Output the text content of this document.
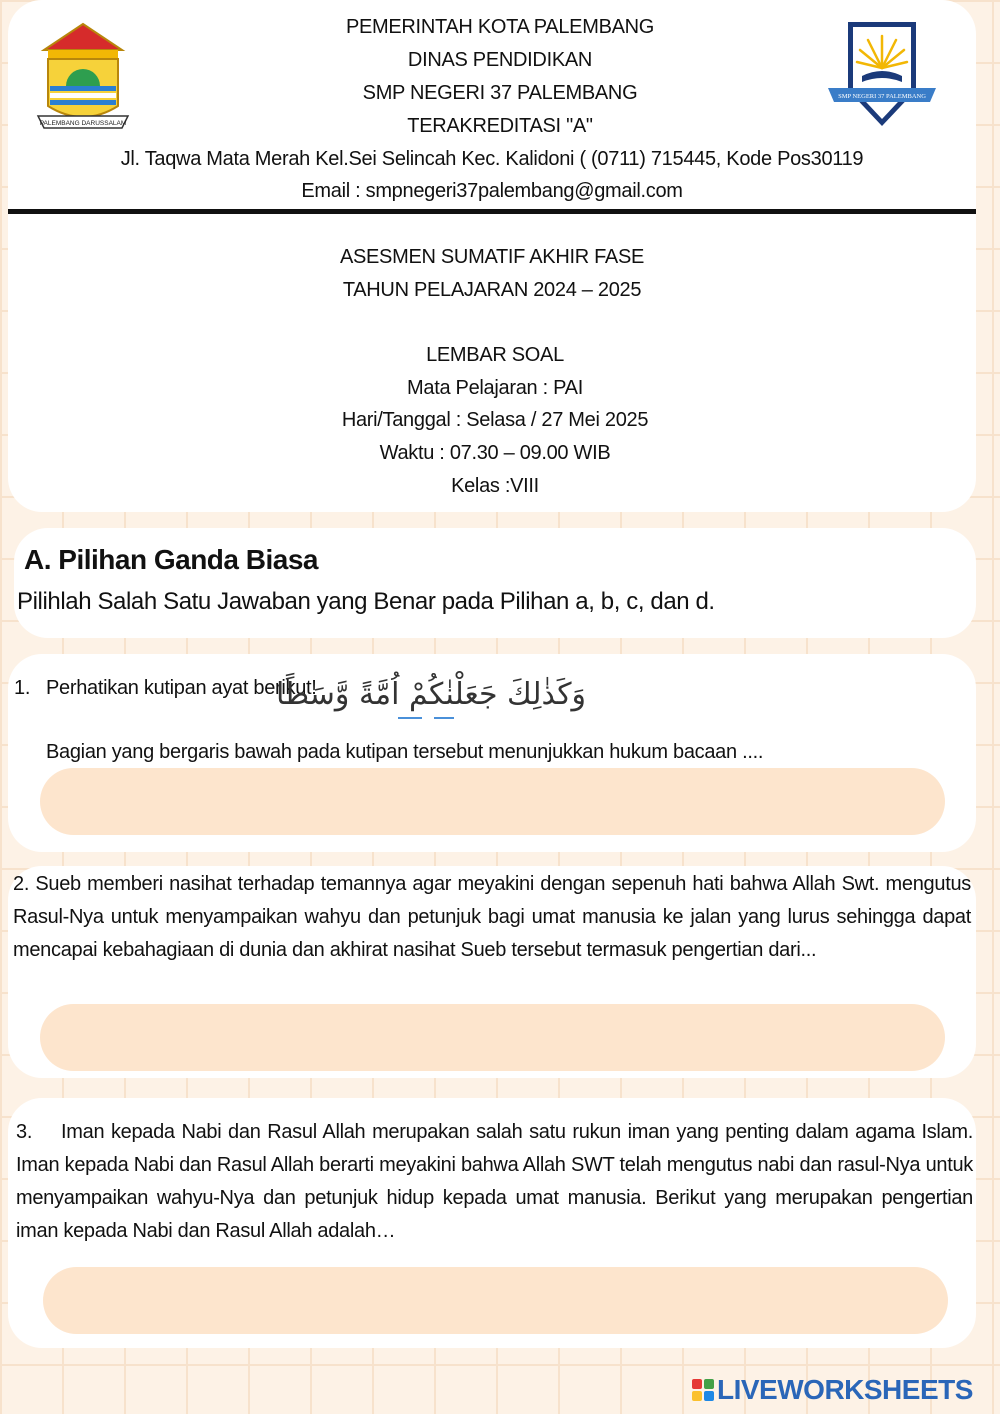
PALEMBANG DARUSSALAM
SMP NEGERI 37 PALEMBANG
PEMERINTAH KOTA PALEMBANG
DINAS PENDIDIKAN
SMP NEGERI 37 PALEMBANG
TERAKREDITASI "A"
Jl. Taqwa Mata Merah Kel.Sei Selincah Kec. Kalidoni ( (0711) 715445, Kode Pos30119
Email : smpnegeri37palembang@gmail.com
ASESMEN SUMATIF AKHIR FASE
TAHUN PELAJARAN 2024 – 2025
LEMBAR SOAL
Mata Pelajaran : PAI
Hari/Tanggal : Selasa / 27 Mei 2025
Waktu : 07.30 – 09.00 WIB
Kelas :VIII
A. Pilihan Ganda Biasa
Pilihlah Salah Satu Jawaban yang Benar pada Pilihan a, b, c, dan d.
1. Perhatikan kutipan ayat berikut!
وَكَذٰلِكَ جَعَلْنٰكُمْ اُمَّةً وَّسَطًا
Bagian yang bergaris bawah pada kutipan tersebut menunjukkan hukum bacaan ....
2. Sueb memberi nasihat terhadap temannya agar meyakini dengan sepenuh hati bahwa Allah Swt. mengutus Rasul-Nya untuk menyampaikan wahyu dan petunjuk bagi umat manusia ke jalan yang lurus sehingga dapat mencapai kebahagiaan di dunia dan akhirat nasihat Sueb tersebut termasuk pengertian dari...
3. Iman kepada Nabi dan Rasul Allah merupakan salah satu rukun iman yang penting dalam agama Islam. Iman kepada Nabi dan Rasul Allah berarti meyakini bahwa Allah SWT telah mengutus nabi dan rasul-Nya untuk menyampaikan wahyu-Nya dan petunjuk hidup kepada umat manusia. Berikut yang merupakan pengertian iman kepada Nabi dan Rasul Allah adalah…
LIVEWORKSHEETS
